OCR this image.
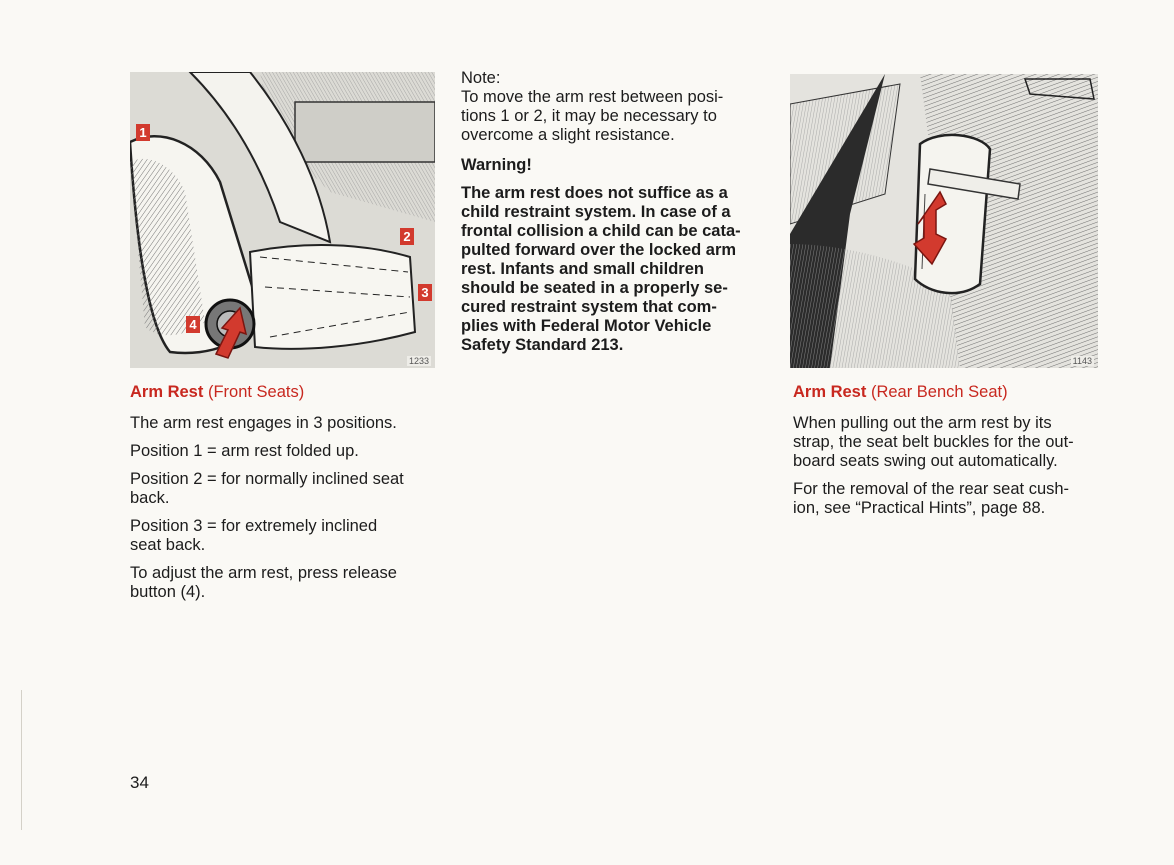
1
2
3
4
1233	1143

Arm Rest (Front Seats)

The arm rest engages in 3 positions.

Position 1 = arm rest folded up.

Position 2 = for normally inclined seat
back.

Position 3 = for extremely inclined
seat back.

To adjust the arm rest, press release
button (4).

Note:
To move the arm rest between posi-
tions 1 or 2, it may be necessary to
overcome a slight resistance.

Warning!

The arm rest does not suffice as a
child restraint system. In case of a
frontal collision a child can be cata-
pulted forward over the locked arm
rest. Infants and small children
should be seated in a properly se-
cured restraint system that com-
plies with Federal Motor Vehicle
Safety Standard 213.

Arm Rest (Rear Bench Seat)

When pulling out the arm rest by its
strap, the seat belt buckles for the out-
board seats swing out automatically.

For the removal of the rear seat cush-
ion, see “Practical Hints”, page 88.

34
